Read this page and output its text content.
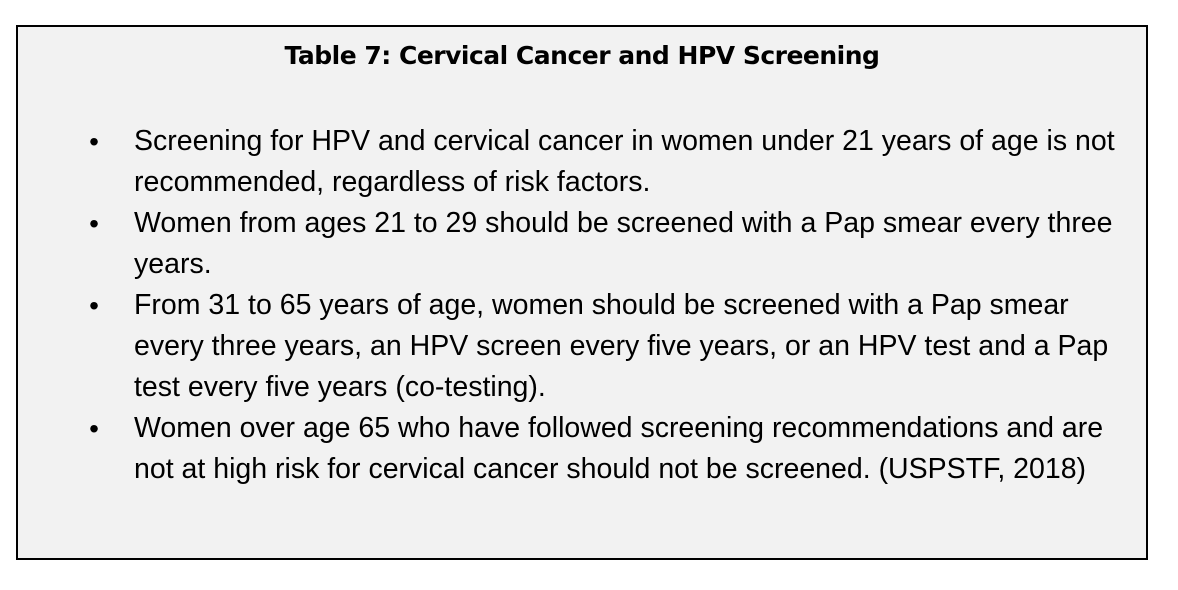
Table 7: Cervical Cancer and HPV Screening
• Screening for HPV and cervical cancer in women under 21 years of age is not recommended, regardless of risk factors.
• Women from ages 21 to 29 should be screened with a Pap smear every three years.
• From 31 to 65 years of age, women should be screened with a Pap smear every three years, an HPV screen every five years, or an HPV test and a Pap test every five years (co-testing).
• Women over age 65 who have followed screening recommendations and are not at high risk for cervical cancer should not be screened. (USPSTF, 2018)
